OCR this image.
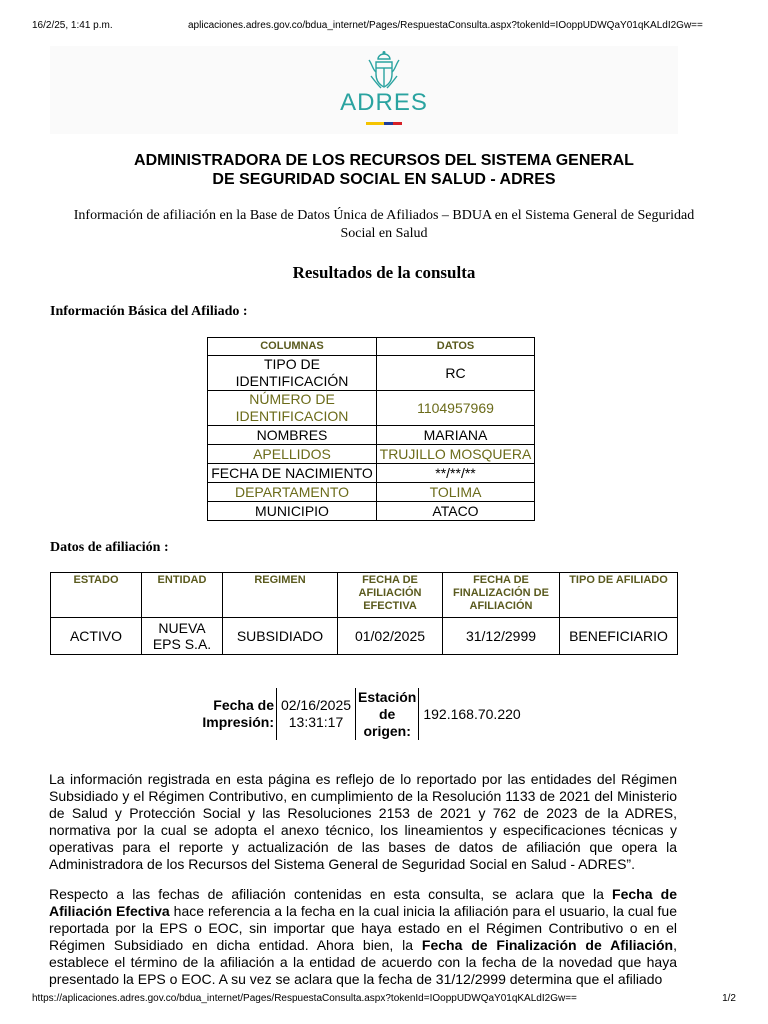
16/2/25, 1:41 p.m.	aplicaciones.adres.gov.co/bdua_internet/Pages/RespuestaConsulta.aspx?tokenId=IOoppUDWQaY01qKALdI2Gw==
ADRES
ADMINISTRADORA DE LOS RECURSOS DEL SISTEMA GENERAL
DE SEGURIDAD SOCIAL EN SALUD - ADRES
Información de afiliación en la Base de Datos Única de Afiliados – BDUA en el Sistema General de Seguridad Social en Salud
Resultados de la consulta
Información Básica del Afiliado :
COLUMNAS	DATOS
TIPO DE IDENTIFICACIÓN	RC
NÚMERO DE IDENTIFICACION	1104957969
NOMBRES	MARIANA
APELLIDOS	TRUJILLO MOSQUERA
FECHA DE NACIMIENTO	**/**/**
DEPARTAMENTO	TOLIMA
MUNICIPIO	ATACO
Datos de afiliación :
ESTADO	ENTIDAD	REGIMEN	FECHA DE AFILIACIÓN EFECTIVA	FECHA DE FINALIZACIÓN DE AFILIACIÓN	TIPO DE AFILIADO
ACTIVO	NUEVA EPS S.A.	SUBSIDIADO	01/02/2025	31/12/2999	BENEFICIARIO
Fecha de Impresión:	02/16/2025 13:31:17	Estación de origen:	192.168.70.220
La información registrada en esta página es reflejo de lo reportado por las entidades del Régimen Subsidiado y el Régimen Contributivo, en cumplimiento de la Resolución 1133 de 2021 del Ministerio de Salud y Protección Social y las Resoluciones 2153 de 2021 y 762 de 2023 de la ADRES, normativa por la cual se adopta el anexo técnico, los lineamientos y especificaciones técnicas y operativas para el reporte y actualización de las bases de datos de afiliación que opera la Administradora de los Recursos del Sistema General de Seguridad Social en Salud - ADRES”.
Respecto a las fechas de afiliación contenidas en esta consulta, se aclara que la Fecha de Afiliación Efectiva hace referencia a la fecha en la cual inicia la afiliación para el usuario, la cual fue reportada por la EPS o EOC, sin importar que haya estado en el Régimen Contributivo o en el Régimen Subsidiado en dicha entidad. Ahora bien, la Fecha de Finalización de Afiliación, establece el término de la afiliación a la entidad de acuerdo con la fecha de la novedad que haya presentado la EPS o EOC. A su vez se aclara que la fecha de 31/12/2999 determina que el afiliado
https://aplicaciones.adres.gov.co/bdua_internet/Pages/RespuestaConsulta.aspx?tokenId=IOoppUDWQaY01qKALdI2Gw==	1/2
